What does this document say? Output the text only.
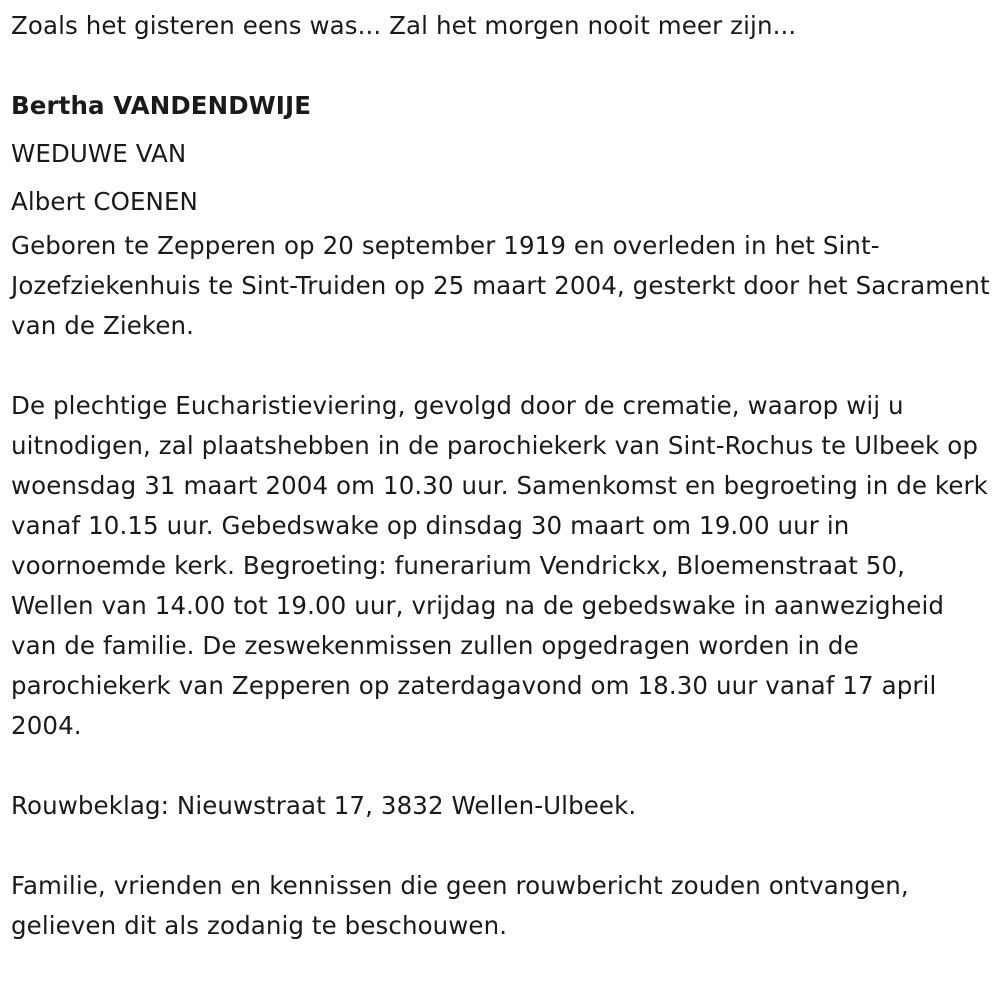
Zoals het gisteren eens was... Zal het morgen nooit meer zijn...

Bertha VANDENDWIJE

WEDUWE VAN

Albert COENEN

Geboren te Zepperen op 20 september 1919 en overleden in het Sint-Jozefziekenhuis te Sint-Truiden op 25 maart 2004, gesterkt door het Sacrament van de Zieken.

De plechtige Eucharistieviering, gevolgd door de crematie, waarop wij u uitnodigen, zal plaatshebben in de parochiekerk van Sint-Rochus te Ulbeek op woensdag 31 maart 2004 om 10.30 uur. Samenkomst en begroeting in de kerk vanaf 10.15 uur. Gebedswake op dinsdag 30 maart om 19.00 uur in voornoemde kerk. Begroeting: funerarium Vendrickx, Bloemenstraat 50, Wellen van 14.00 tot 19.00 uur, vrijdag na de gebedswake in aanwezigheid van de familie. De zeswekenmissen zullen opgedragen worden in de parochiekerk van Zepperen op zaterdagavond om 18.30 uur vanaf 17 april 2004.

Rouwbeklag: Nieuwstraat 17, 3832 Wellen-Ulbeek.

Familie, vrienden en kennissen die geen rouwbericht zouden ontvangen, gelieven dit als zodanig te beschouwen.
